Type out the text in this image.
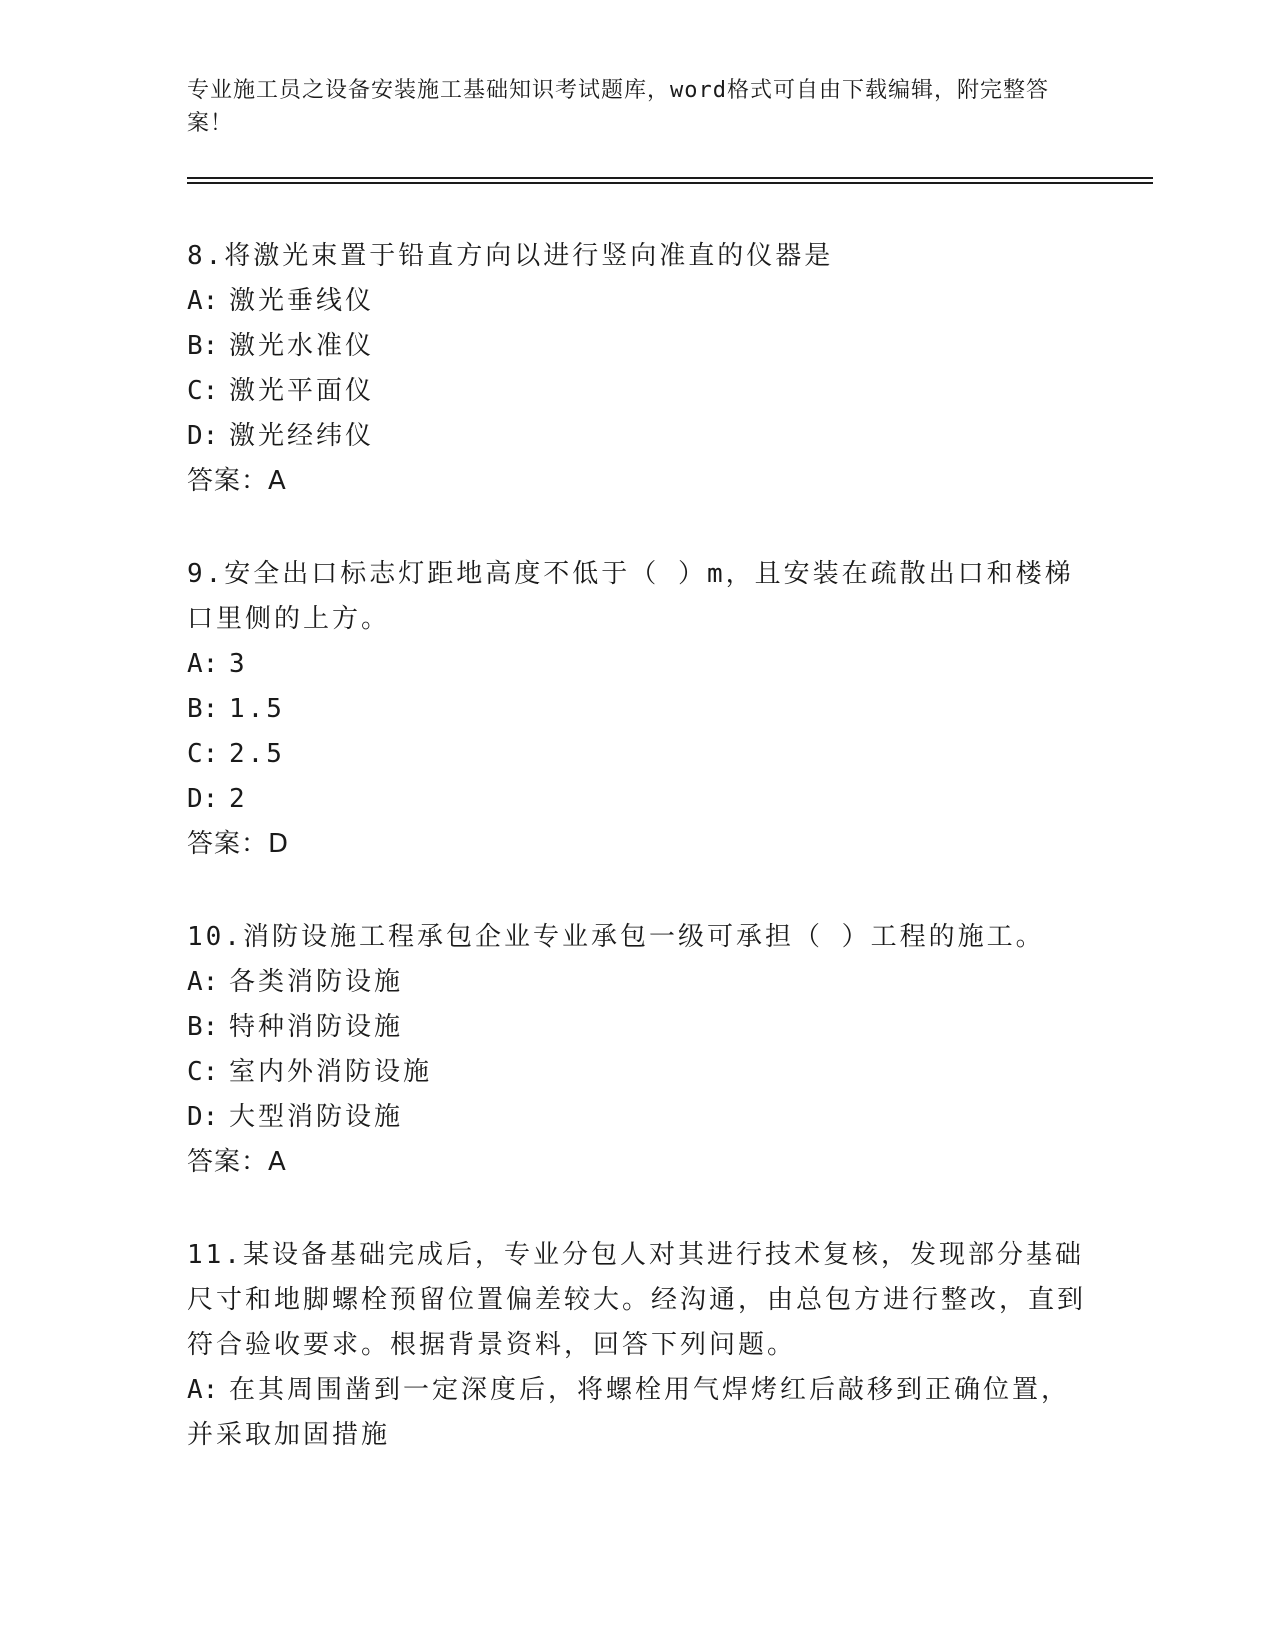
专业施工员之设备安装施工基础知识考试题库，word格式可自由下载编辑，附完整答案！

8.将激光束置于铅直方向以进行竖向准直的仪器是

A: 激光垂线仪

B: 激光水准仪

C: 激光平面仪

D: 激光经纬仪

答案：A

9.安全出口标志灯距地高度不低于（ ）m，且安装在疏散出口和楼梯口里侧的上方。

A: 3

B: 1.5

C: 2.5

D: 2

答案：D

10.消防设施工程承包企业专业承包一级可承担（ ）工程的施工。

A: 各类消防设施

B: 特种消防设施

C: 室内外消防设施

D: 大型消防设施

答案：A

11.某设备基础完成后，专业分包人对其进行技术复核，发现部分基础尺寸和地脚螺栓预留位置偏差较大。经沟通，由总包方进行整改，直到符合验收要求。根据背景资料，回答下列问题。

A: 在其周围凿到一定深度后，将螺栓用气焊烤红后敲移到正确位置，并采取加固措施
